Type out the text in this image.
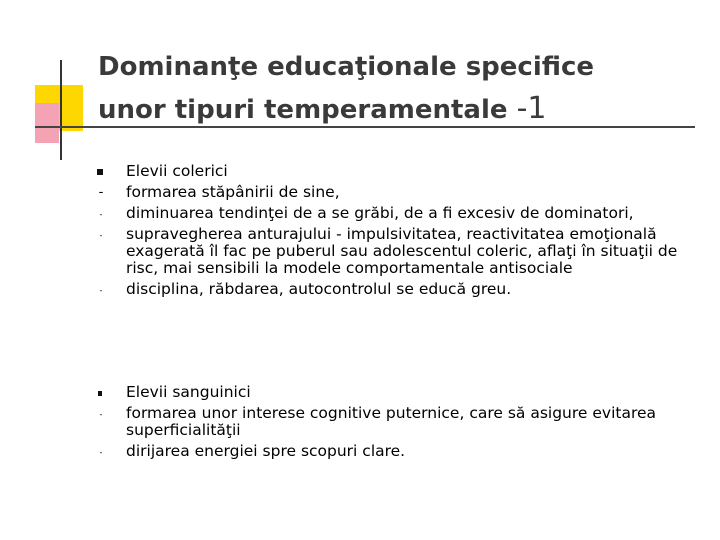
Dominanţe educaţionale specifice
unor tipuri temperamentale -1
Elevii colerici
-	formarea stăpânirii de sine,
-	diminuarea tendinţei de a se grăbi, de a fi excesiv de dominatori,
-	supravegherea anturajului - impulsivitatea, reactivitatea emoţională exagerată îl fac pe puberul sau adolescentul coleric, aflaţi în situaţii de risc, mai sensibili la modele comportamentale antisociale
-	disciplina, răbdarea, autocontrolul se educă greu.
Elevii sanguinici
-	formarea unor interese cognitive puternice, care să asigure evitarea superficialităţii
-	dirijarea energiei spre scopuri clare.
